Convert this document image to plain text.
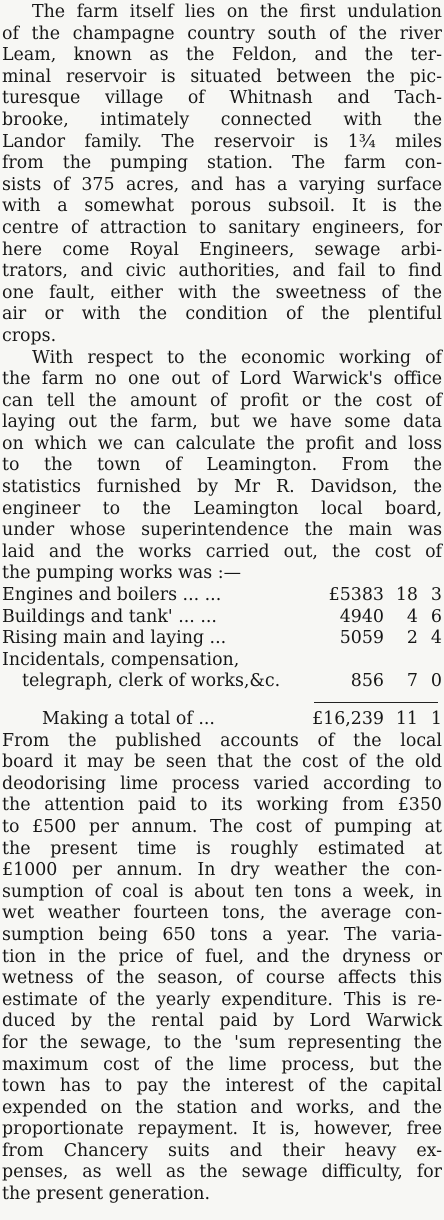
The farm itself lies on the first undulation
of the champagne country south of the river
Leam, known as the Feldon, and the ter-
minal reservoir is situated between the pic-
turesque village of Whitnash and Tach-
brooke, intimately connected with the
Landor family. The reservoir is 1¾ miles
from the pumping station. The farm con-
sists of 375 acres, and has a varying surface
with a somewhat porous subsoil. It is the
centre of attraction to sanitary engineers, for
here come Royal Engineers, sewage arbi-
trators, and civic authorities, and fail to find
one fault, either with the sweetness of the
air or with the condition of the plentiful
crops.

With respect to the economic working of
the farm no one out of Lord Warwick's office
can tell the amount of profit or the cost of
laying out the farm, but we have some data
on which we can calculate the profit and loss
to the town of Leamington. From the
statistics furnished by Mr R. Davidson, the
engineer to the Leamington local board,
under whose superintendence the main was
laid and the works carried out, the cost of
the pumping works was :—

Engines and boilers ... ...	£5383 18 3
Buildings and tank' ... ...	4940	4 6
Rising main and laying ...	5059	2 4
Incidentals, compensation,
telegraph, clerk of works,&c.	856	7 0
Making a total of ...	£16,239 11 1

From the published accounts of the local
board it may be seen that the cost of the old
deodorising lime process varied according to
the attention paid to its working from £350
to £500 per annum. The cost of pumping at
the present time is roughly estimated at
£1000 per annum. In dry weather the con-
sumption of coal is about ten tons a week, in
wet weather fourteen tons, the average con-
sumption being 650 tons a year. The varia-
tion in the price of fuel, and the dryness or
wetness of the season, of course affects this
estimate of the yearly expenditure. This is re-
duced by the rental paid by Lord Warwick
for the sewage, to the 'sum representing the
maximum cost of the lime process, but the
town has to pay the interest of the capital
expended on the station and works, and the
proportionate repayment. It is, however, free
from Chancery suits and their heavy ex-
penses, as well as the sewage difficulty, for
the present generation.
